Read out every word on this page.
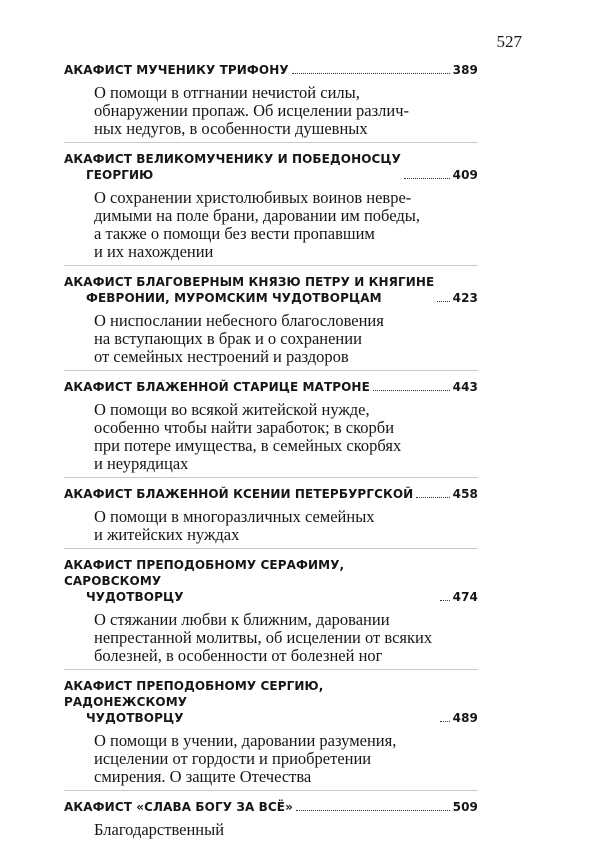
527
АКАФИСТ МУЧЕНИКУ ТРИФОНУ	389
О помощи в отгнании нечистой силы,
обнаружении пропаж. Об исцелении различ-
ных недугов, в особенности душевных
АКАФИСТ ВЕЛИКОМУЧЕНИКУ И ПОБЕДОНОСЦУ
ГЕОРГИЮ	409
О сохранении христолюбивых воинов невре-
димыми на поле брани, даровании им победы,
а также о помощи без вести пропавшим
и их нахождении
АКАФИСТ БЛАГОВЕРНЫМ КНЯЗЮ ПЕТРУ И КНЯГИНЕ
ФЕВРОНИИ, МУРОМСКИМ ЧУДОТВОРЦАМ	423
О ниспослании небесного благословения
на вступающих в брак и о сохранении
от семейных нестроений и раздоров
АКАФИСТ БЛАЖЕННОЙ СТАРИЦЕ МАТРОНЕ	443
О помощи во всякой житейской нужде,
особенно чтобы найти заработок; в скорби
при потере имущества, в семейных скорбях
и неурядицах
АКАФИСТ БЛАЖЕННОЙ КСЕНИИ ПЕТЕРБУРГСКОЙ	458
О помощи в многоразличных семейных
и житейских нуждах
АКАФИСТ ПРЕПОДОБНОМУ СЕРАФИМУ, САРОВСКОМУ
ЧУДОТВОРЦУ	474
О стяжании любви к ближним, даровании
непрестанной молитвы, об исцелении от всяких
болезней, в особенности от болезней ног
АКАФИСТ ПРЕПОДОБНОМУ СЕРГИЮ, РАДОНЕЖСКОМУ
ЧУДОТВОРЦУ	489
О помощи в учении, даровании разумения,
исцелении от гордости и приобретении
смирения. О защите Отечества
АКАФИСТ «СЛАВА БОГУ ЗА ВСЁ»	509
Благодарственный
